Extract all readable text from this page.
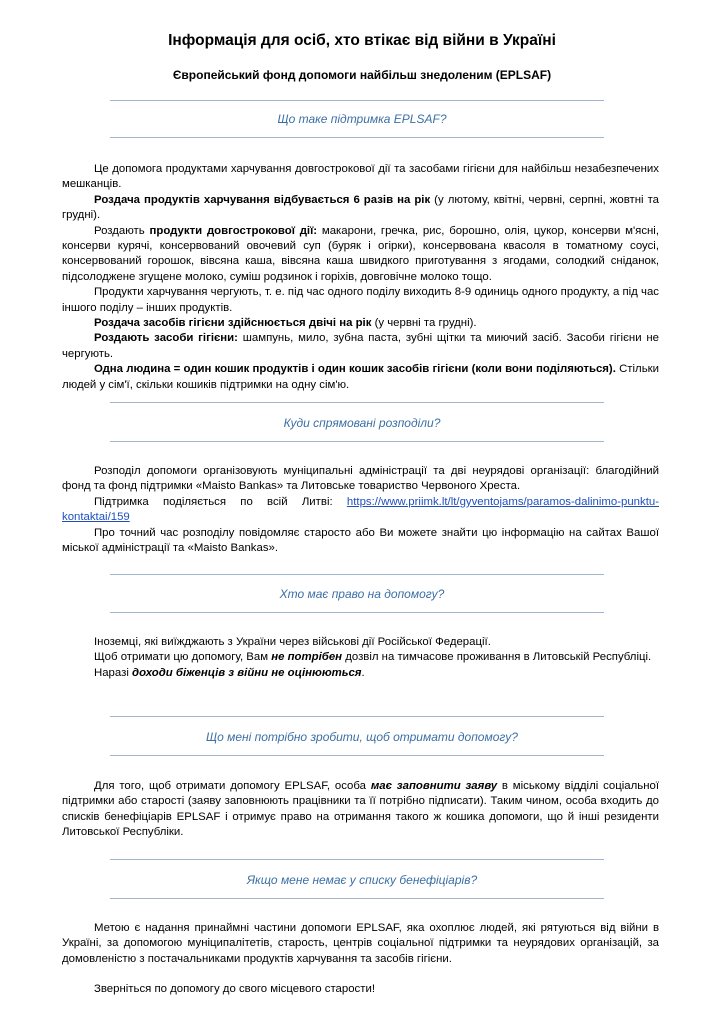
Інформація для осіб, хто втікає від війни в Україні
Європейський фонд допомоги найбільш знедоленим (EPLSAF)
Що таке підтримка EPLSAF?

Це допомога продуктами харчування довгострокової дії та засобами гігієни для найбільш незабезпечених мешканців.

Роздача продуктів харчування відбувається 6 разів на рік (у лютому, квітні, червні, серпні, жовтні та грудні).

Роздають продукти довгострокової дії: макарони, гречка, рис, борошно, олія, цукор, консерви м'ясні, консерви курячі, консервований овочевий суп (буряк і огірки), консервована квасоля в томатному соусі, консервований горошок, вівсяна каша, вівсяна каша швидкого приготування з ягодами, солодкий сніданок, підсолоджене згущене молоко, суміш родзинок і горіхів, довговічне молоко тощо.

Продукти харчування чергують, т. е. під час одного поділу виходить 8-9 одиниць одного продукту, а під час іншого поділу – інших продуктів.

Роздача засобів гігієни здійснюється двічі на рік (у червні та грудні).

Роздають засоби гігієни: шампунь, мило, зубна паста, зубні щітки та миючий засіб. Засоби гігієни не чергують.

Одна людина = один кошик продуктів і один кошик засобів гігієни (коли вони поділяються). Стільки людей у сім'ї, скільки кошиків підтримки на одну сім'ю.

Куди спрямовані розподіли?

Розподіл допомоги організовують муніципальні адміністрації та дві неурядові організації: благодійний фонд та фонд підтримки «Maisto Bankas» та Литовське товариство Червоного Хреста.

Підтримка поділяється по всій Литві: https://www.priimk.lt/lt/gyventojams/paramos-dalinimo-punktu-kontaktai/159

Про точний час розподілу повідомляє старосто або Ви можете знайти цю інформацію на сайтах Вашої міської адміністрації та «Maisto Bankas».

Хто має право на допомогу?

Іноземці, які виїжджають з України через військові дії Російської Федерації.

Щоб отримати цю допомогу, Вам не потрібен дозвіл на тимчасове проживання в Литовській Республіці.

Наразі доходи біженців з війни не оцінюються.

Що мені потрібно зробити, щоб отримати допомогу?

Для того, щоб отримати допомогу EPLSAF, особа має заповнити заяву в міському відділі соціальної підтримки або старості (заяву заповнюють працівники та її потрібно підписати). Таким чином, особа входить до списків бенефіціарів EPLSAF і отримує право на отримання такого ж кошика допомоги, що й інші резиденти Литовської Республіки.

Якщо мене немає у списку бенефіціарів?

Метою є надання принаймні частини допомоги EPLSAF, яка охоплює людей, які рятуються від війни в Україні, за допомогою муніципалітетів, старость, центрів соціальної підтримки та неурядових організацій, за домовленістю з постачальниками продуктів харчування та засобів гігієни.

Зверніться по допомогу до свого місцевого старости!
